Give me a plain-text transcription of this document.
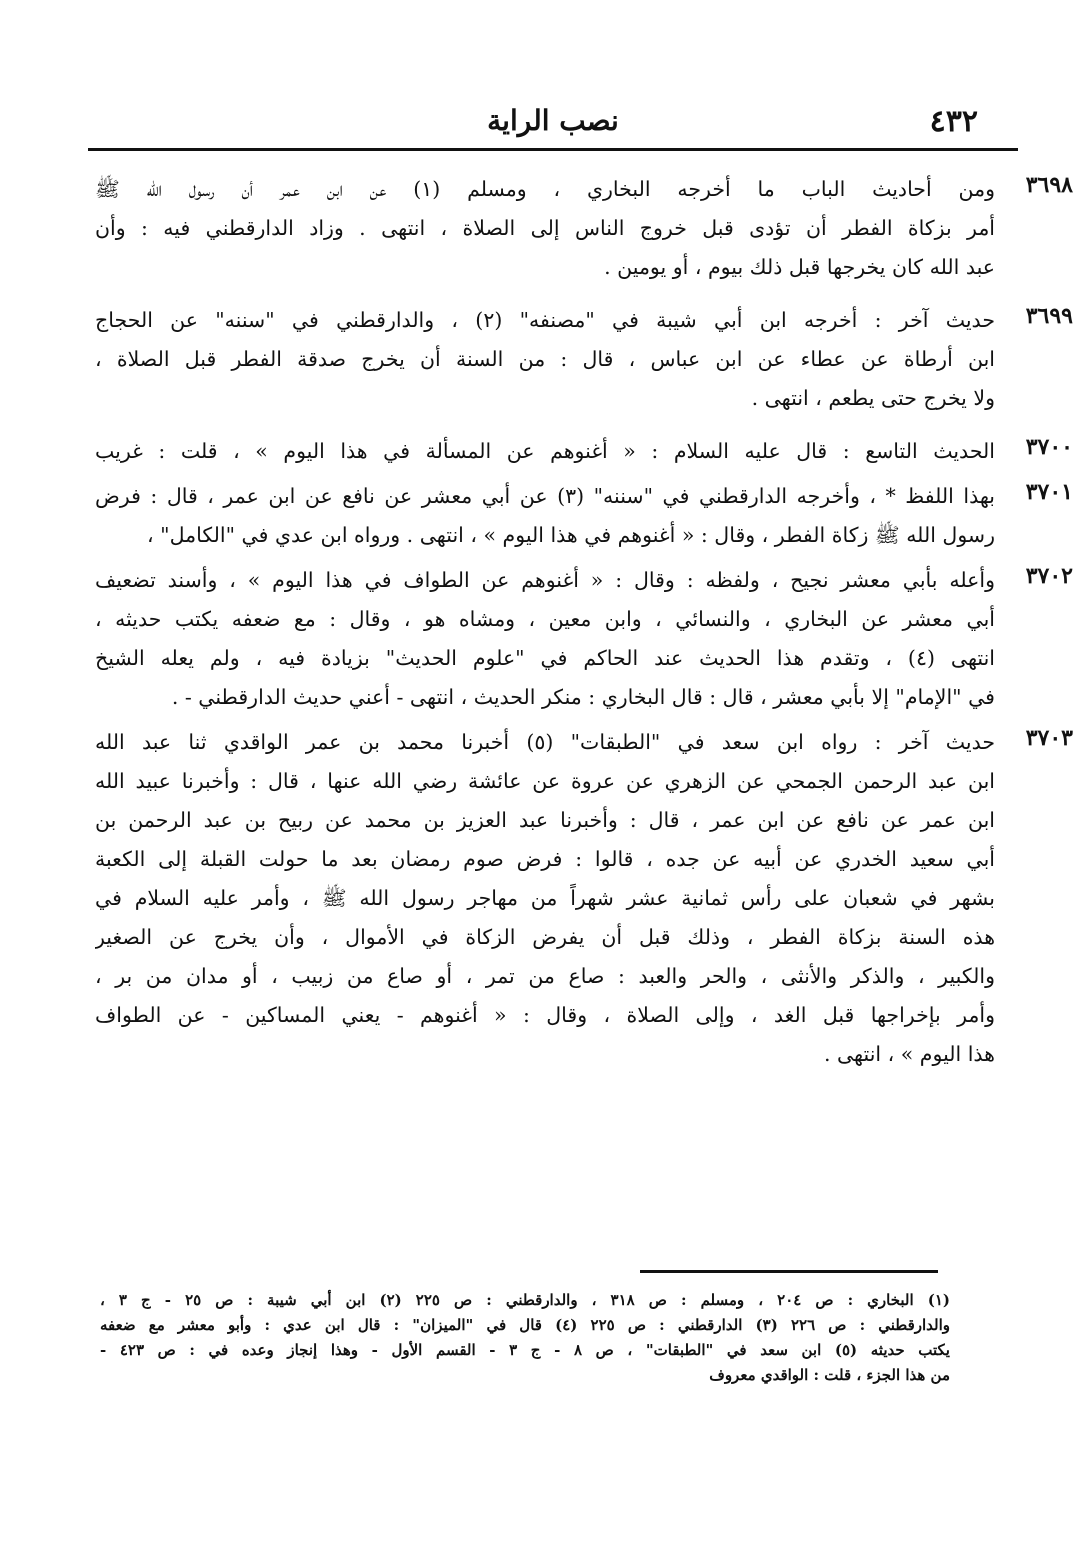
٤٣٢
نصب الراية
٣٦٩٨
ومن أحاديث الباب ما أخرجه البخاري ، ومسلم (١) عن ابن عمر أن رسول الله ﷺ
أمر بزكاة الفطر أن تؤدى قبل خروج الناس إلى الصلاة ، انتهى . وزاد الدارقطني فيه : وأن
عبد الله كان يخرجها قبل ذلك بيوم ، أو يومين .
٣٦٩٩
حديث آخر : أخرجه ابن أبي شيبة في "مصنفه" (٢) ، والدارقطني في "سننه" عن الحجاج
ابن أرطاة عن عطاء عن ابن عباس ، قال : من السنة أن يخرج صدقة الفطر قبل الصلاة ،
ولا يخرج حتى يطعم ، انتهى .
٣٧٠٠
الحديث التاسع : قال عليه السلام : « أغنوهم عن المسألة في هذا اليوم » ، قلت : غريب
٣٧٠١
بهذا اللفظ * ، وأخرجه الدارقطني في "سننه" (٣) عن أبي معشر عن نافع عن ابن عمر ، قال : فرض
رسول الله ﷺ زكاة الفطر ، وقال : « أغنوهم في هذا اليوم » ، انتهى . ورواه ابن عدي في "الكامل" ،
٣٧٠٢
وأعله بأبي معشر نجيح ، ولفظه : وقال : « أغنوهم عن الطواف في هذا اليوم » ، وأسند تضعيف
أبي معشر عن البخاري ، والنسائي ، وابن معين ، ومشاه هو ، وقال : مع ضعفه يكتب حديثه ،
انتهى (٤) ، وتقدم هذا الحديث عند الحاكم في "علوم الحديث" بزيادة فيه ، ولم يعله الشيخ
في "الإمام" إلا بأبي معشر ، قال : قال البخاري : منكر الحديث ، انتهى - أعني حديث الدارقطني - .
٣٧٠٣
حديث آخر : رواه ابن سعد في "الطبقات" (٥) أخبرنا محمد بن عمر الواقدي ثنا عبد الله
ابن عبد الرحمن الجمحي عن الزهري عن عروة عن عائشة رضي الله عنها ، قال : وأخبرنا عبيد الله
ابن عمر عن نافع عن ابن عمر ، قال : وأخبرنا عبد العزيز بن محمد عن ربيح بن عبد الرحمن بن
أبي سعيد الخدري عن أبيه عن جده ، قالوا : فرض صوم رمضان بعد ما حولت القبلة إلى الكعبة
بشهر في شعبان على رأس ثمانية عشر شهراً من مهاجر رسول الله ﷺ ، وأمر عليه السلام في
هذه السنة بزكاة الفطر ، وذلك قبل أن يفرض الزكاة في الأموال ، وأن يخرج عن الصغير
والكبير ، والذكر والأنثى ، والحر والعبد : صاع من تمر ، أو صاع من زبيب ، أو مدان من بر ،
وأمر بإخراجها قبل الغد ، وإلى الصلاة ، وقال : « أغنوهم - يعني المساكين - عن الطواف
هذا اليوم » ، انتهى .
(١) البخاري : ص ٢٠٤ ، ومسلم : ص ٣١٨ ، والدارقطني : ص ٢٢٥ (٢) ابن أبي شيبة : ص ٢٥ - ج ٣ ،
والدارقطني : ص ٢٢٦ (٣) الدارقطني : ص ٢٢٥ (٤) قال في "الميزان" : قال ابن عدي : وأبو معشر مع ضعفه
يكتب حديثه (٥) ابن سعد في "الطبقات" ، ص ٨ - ج ٣ - القسم الأول - وهذا إنجاز وعده في : ص ٤٢٣ -
من هذا الجزء ، قلت : الواقدي معروف
